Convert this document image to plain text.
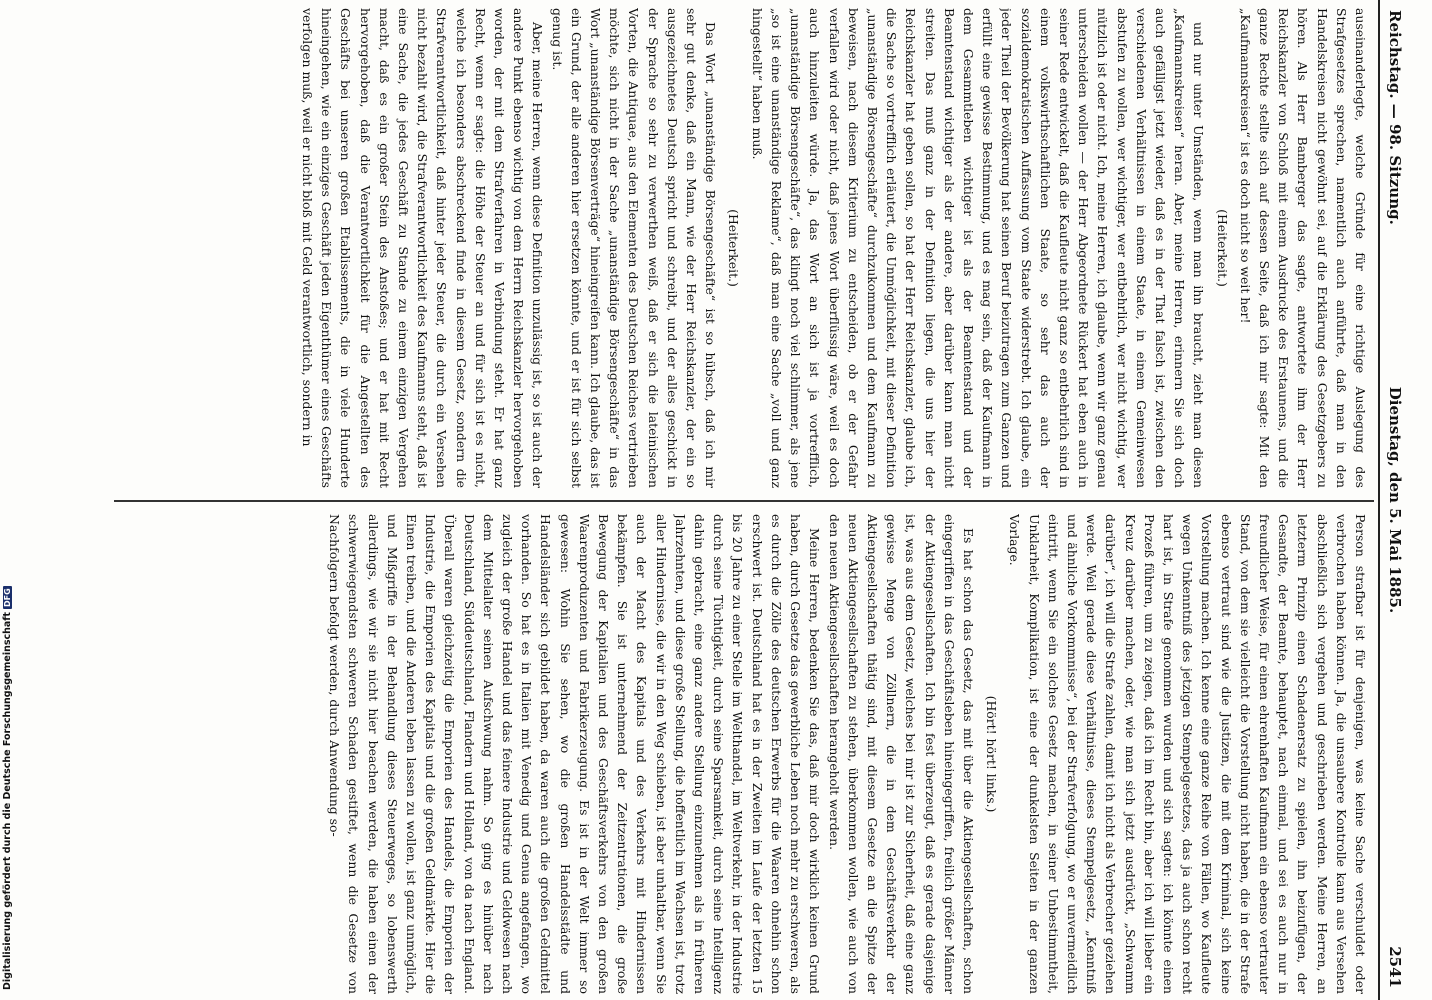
Reichstag. — 98. Sitzung.
Dienstag, den 5. Mai 1885.
2541

auseinanderlegte, welche Gründe für eine richtige Auslegung des Strafgesetzes sprechen, namentlich auch anführte, daß man in den Handelskreisen nicht gewöhnt sei, auf die Erklärung des Gesetzgebers zu hören. Als Herr Bamberger das sagte, antwortete ihm der Herr Reichskanzler von Schloß mit einem Ausdrucke des Erstaunens, und die ganze Rechte stellte sich auf dessen Seite, daß ich mir sagte: Mit den „Kaufmannskreisen“ ist es doch nicht so weit her!

(Heiterkeit.)

und nur unter Umständen, wenn man ihn braucht, zieht man diesen „Kaufmannskreisen“ heran. Aber, meine Herren, erinnern Sie sich doch auch gefälligst jetzt wieder, daß es in der That falsch ist, zwischen den verschiedenen Verhältnissen in einem Staate, in einem Gemeinwesen abstufen zu wollen, wer wichtiger, wer entbehrlich, wer nicht wichtig, wer nützlich ist oder nicht. Ich, meine Herren, ich glaube, wenn wir ganz genau unterscheiden wollen — der Herr Abgeordnete Rückert hat eben auch in seiner Rede entwickelt, daß die Kaufleute nicht ganz so entbehrlich sind in einem volkswirthschaftlichen Staate, so sehr das auch der sozialdemokratischen Auffassung vom Staate widerstrebt. Ich glaube, ein jeder Theil der Bevölkerung hat seinen Beruf beizutragen zum Ganzen und erfüllt eine gewisse Bestimmung, und es mag sein, daß der Kaufmann in dem Gesammtleben wichtiger ist als der Beamtenstand und der Beamtenstand wichtiger als der andere, aber darüber kann man nicht streiten. Das muß ganz in der Definition liegen, die uns hier der Reichskanzler hat geben sollen, so hat der Herr Reichskanzler, glaube ich, die Sache so vortrefflich erläutert, die Unmöglichkeit, mit dieser Definition „unanständige Börsengeschäfte“ durchzukommen und dem Kaufmann zu beweisen, nach diesem Kriterium zu entscheiden, ob er der Gefahr verfallen wird oder nicht, daß jenes Wort überflüssig wäre, weil es doch auch hinzuleiten würde. Ja, das Wort an sich ist ja vortrefflich, „unanständige Börsengeschäfte“, das klingt noch viel schlimmer, als jene „so ist eine unanständige Reklame“, daß man eine Sache „voll und ganz hingestellt“ haben muß.

(Heiterkeit.)

Das Wort „unanständige Börsengeschäfte“ ist so hübsch, daß ich mir sehr gut denke, daß ein Mann, wie der Herr Reichskanzler, der ein so ausgezeichnetes Deutsch spricht und schreibt, und der alles geschickt in der Sprache so sehr zu verwerthen weiß, daß er sich die lateinischen Vorten, die Antiquae, aus den Elementen des Deutschen Reiches vertrieben möchte, sich nicht in der Sache „unanständige Börsengeschäfte“ in das Wort „unanständige Börsenverträge“ hineingreifen kann. Ich glaube, das ist ein Grund, der alle anderen hier ersetzen könnte, und er ist für sich selbst genug ist.

Aber, meine Herren, wenn diese Definition unzulässig ist, so ist auch der andere Punkt ebenso wichtig von dem Herrn Reichskanzler hervorgehoben worden, der mit dem Strafverfahren in Verbindung steht. Er hat ganz Recht, wenn er sagte: die Höhe der Steuer an und für sich ist es nicht, welche ich besonders abschreckend finde in diesem Gesetz, sondern die Strafverantwortlichkeit, daß hinter jeder Steuer, die durch ein Versehen nicht bezahlt wird, die Strafverantwortlichkeit des Kaufmanns steht, daß ist eine Sache, die jedes Geschäft zu Stande zu einem einzigen Vergehen macht, daß es ein großer Stein des Anstoßes; und er hat mit Recht hervorgehoben, daß die Verantwortlichkeit für die Angestellten des Geschäfts bei unseren großen Etablissements, die in viele Hunderte hineingehen, wie ein einziges Geschäft jeden Eigenthümer eines Geschäfts verfolgen muß, weil er nicht bloß mit Geld verantwortlich, sondern in

Person strafbar ist für denjenigen, was keine Sache verschuldet oder verbrochen haben können. Ja, die unsaubere Kontrolle kann aus Versehen abschließlich sich vergehen und geschrieben werden. Meine Herren, an letzterm Prinzip einen Schadenersatz zu spielen, ihn beizufügen, der Gesandte, der Beamte, behauptet, nach einmal, und sei es auch nur in freundlicher Weise, für einen ehrenhaften Kaufmann ein ebenso vertrauter Stand, von dem sie vielleicht die Vorstellung nicht haben, die in der Strafe ebenso vertraut sind wie die Justizen, die mit dem Kriminal, sich keine Vorstellung machen. Ich kenne eine ganze Reihe von Fällen, wo Kaufleute wegen Unkenntniß des jetzigen Stempelgesetzes, das ja auch schon recht hart ist, in Strafe genommen wurden und sich sagten: ich könnte einen Prozeß führen, um zu zeigen, daß ich im Recht bin, aber ich will lieber ein Kreuz darüber machen, oder, wie man sich jetzt ausdrückt, „Schwamm darüber“, ich will die Strafe zahlen, damit ich nicht als Verbrecher geziehen werde. Weil gerade diese Verhältnisse, dieses Stempelgesetz, „Kenntniß und ähnliche Vorkommnisse“, bei der Strafverfolgung, wo er unvermeidlich eintritt, wenn Sie ein solches Gesetz machen, in seiner Unbestimmtheit, Unklarheit, Komplikation, ist eine der dunkelsten Seiten in der ganzen Vorlage.

(Hört! hört! links.)

Es hat schon das Gesetz, das mit über die Aktiengesellschaften, schon eingegriffen in das Geschäftsleben hineingegriffen, freilich größer Männer der Aktiengesellschaften. Ich bin fest überzeugt, daß es gerade dasjenige ist, was aus dem Gesetz, welches bei mir ist zur Sicherheit, daß eine ganz gewisse Menge von Zöllnern, die in dem Geschäftsverkehr der Aktiengesellschaften thätig sind, mit diesem Gesetze an die Spitze der neuen Aktiengesellschaften zu stehen, überkommen wollen, wie auch von den neuen Aktiengesellschaften herangeholt werden.

Meine Herren, bedenken Sie das, daß mir doch wirklich keinen Grund haben, durch Gesetze das gewerbliche Leben noch mehr zu erschweren, als es durch die Zölle des deutschen Erwerbs für die Waaren ohnehin schon erschwert ist. Deutschland hat es in der Zweiten im Laufe der letzten 15 bis 20 Jahre zu einer Stelle im Welthandel, im Weltverkehr, in der Industrie durch seine Tüchtigkeit, durch seine Sparsamkeit, durch seine Intelligenz dahin gebracht, eine ganz andere Stellung einzunehmen als in früheren Jahrzehnten, und diese große Stellung, die hoffentlich im Wachsen ist, trotz aller Hindernisse, die wir in den Weg schieben, ist aber unhaltbar, wenn Sie auch der Macht des Kapitals und des Verkehrs mit Hindernissen bekämpfen. Sie ist unternehmend der Zeitzentrationen, die große Bewegung der Kapitalien und des Geschäftsverkehrs von den großen Waarenproduzenten und Fabrikerzeugung. Es ist in der Welt immer so gewesen: Wohin Sie sehen, wo die großen Handelsstädte und Handelsländer sich gebildet haben, da waren auch die großen Geldmittel vorhanden. So hat es in Italien mit Venedig und Genua angefangen, wo zugleich der große Handel und das feinere Industrie und Geldwesen nach dem Mittelalter seinen Aufschwung nahm. So ging es hinüber nach Deutschland, Süddeutschland, Flandern und Holland, von da nach England. Überall waren gleichzeitig die Emporien des Handels, die Emporien der Industrie, die Emporien des Kapitals und die großen Geldmärkte. Hier die Einen treiben, und die Anderen leben lassen zu wollen, ist ganz unmöglich, und Mißgriffe in der Behandlung dieses Steuerweges, so lobenswerth allerdings, wie wir sie nicht hier beachen werden, die haben einen der schwerwiegendsten schweren Schaden gestiftet, wenn die Gesetze von Nachfolgern befolgt werden, durch Anwendung so-

Digitalisierung gefördert durch die Deutsche ForschungsgemeinschaftDFG
